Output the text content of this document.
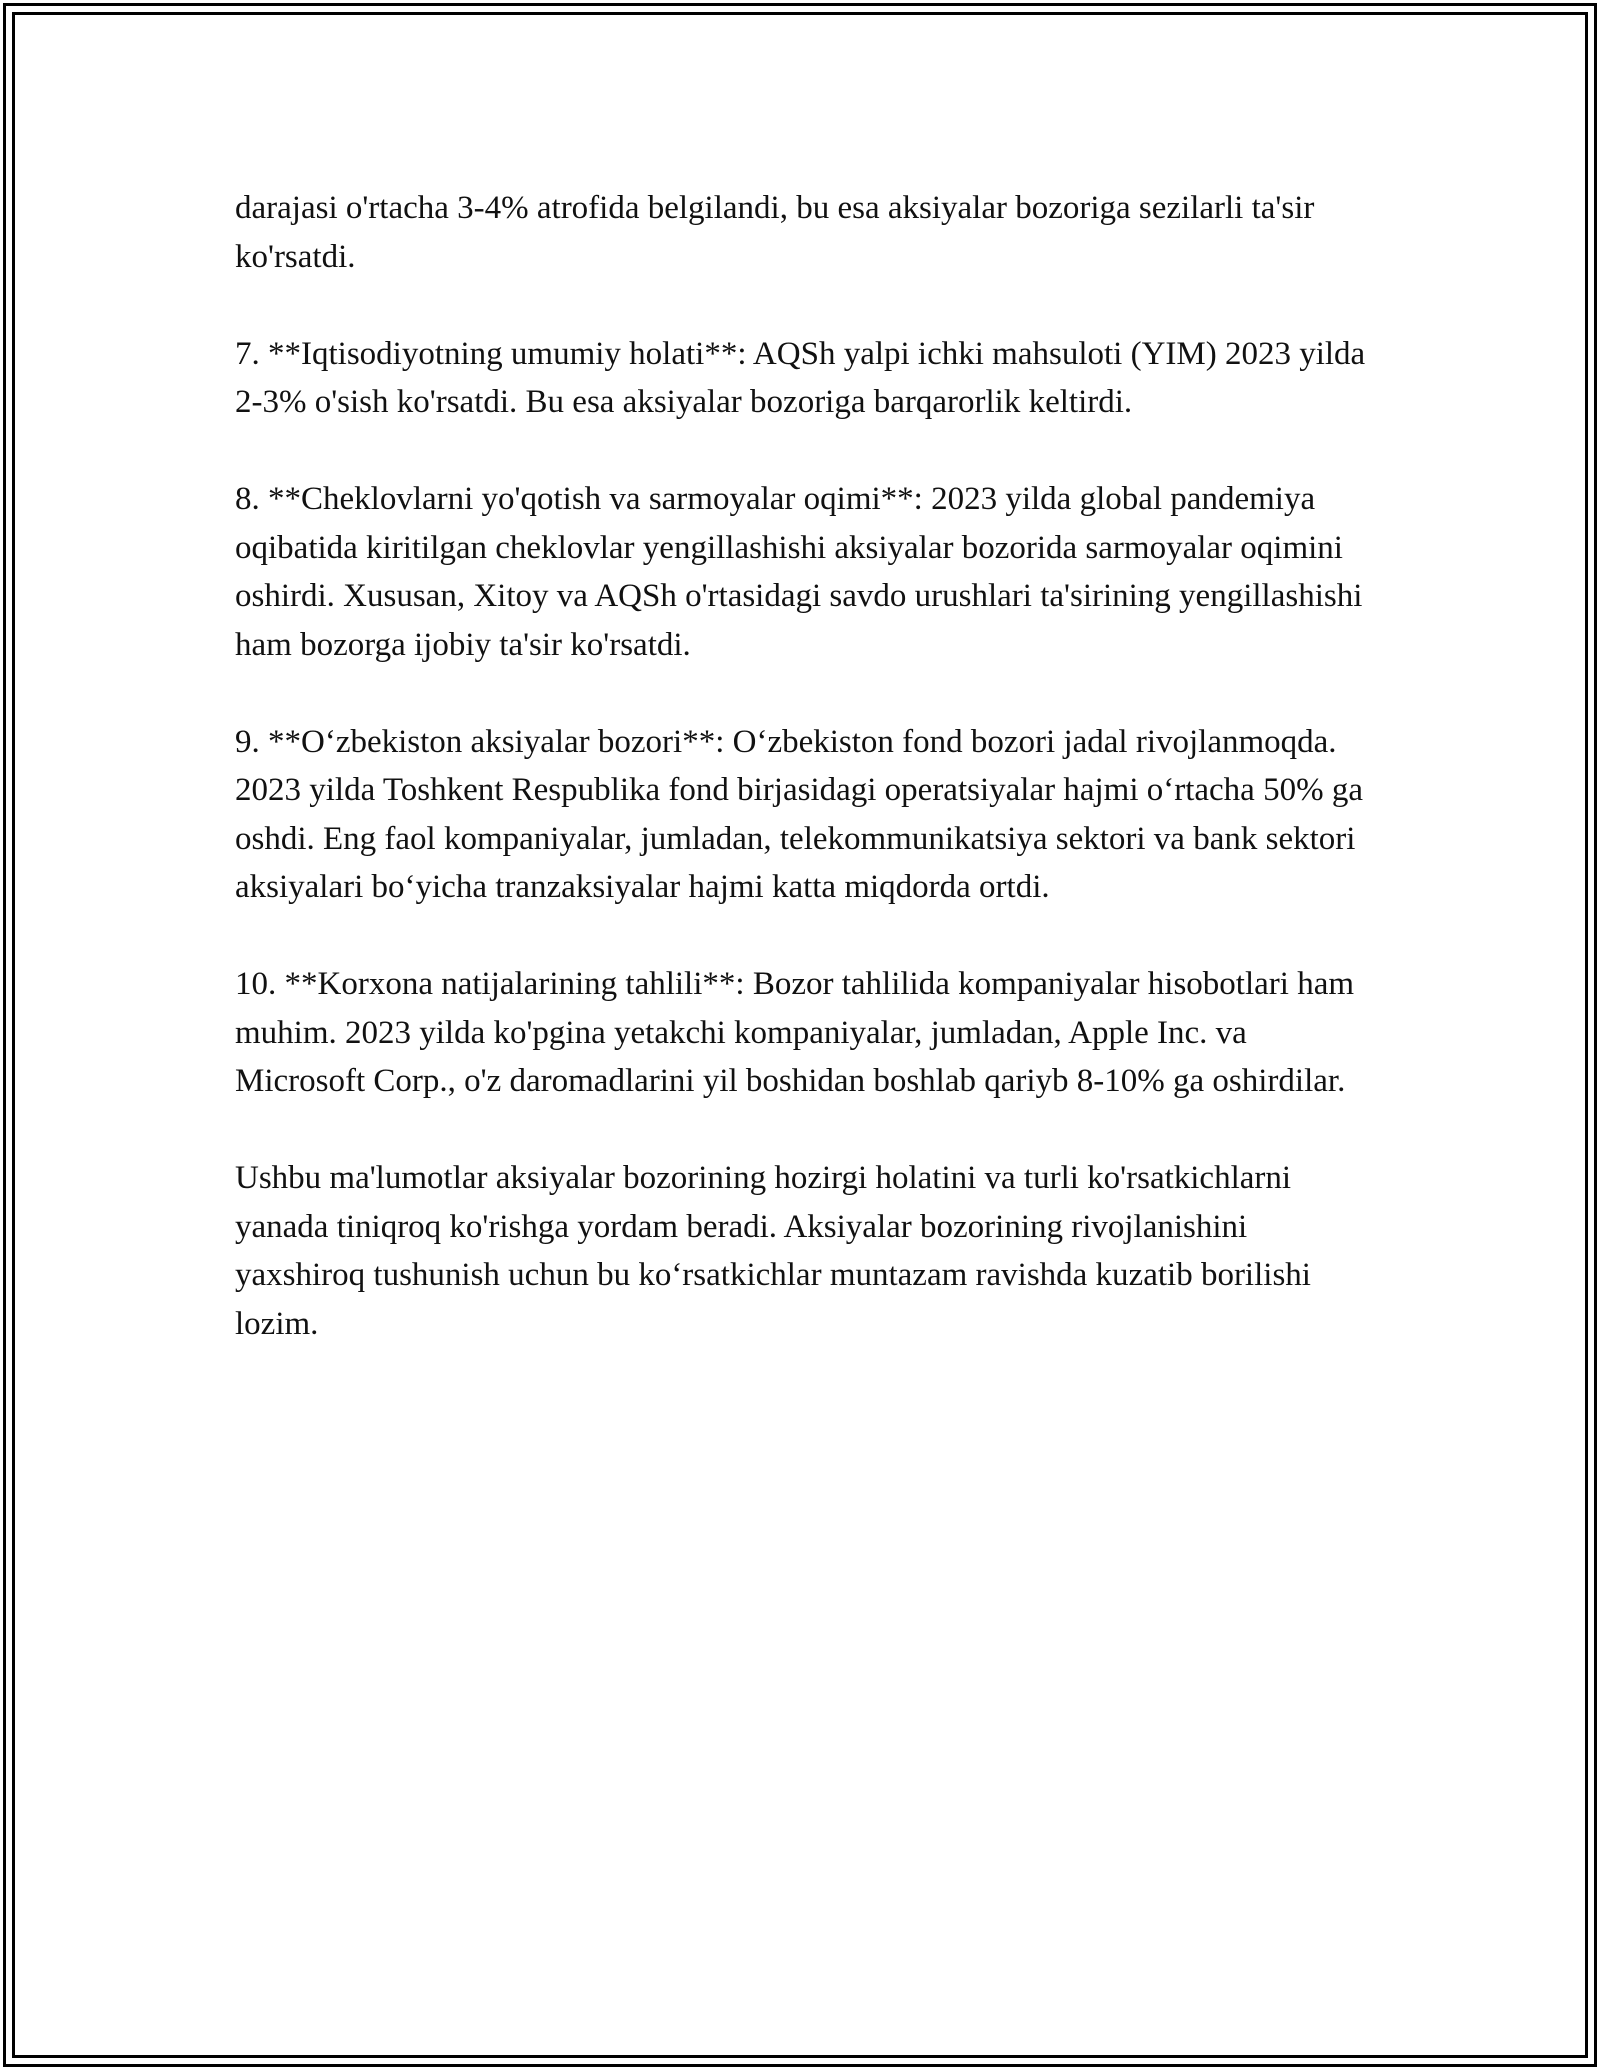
darajasi o'rtacha 3-4% atrofida belgilandi, bu esa aksiyalar bozoriga sezilarli ta'sir ko'rsatdi.

7. **Iqtisodiyotning umumiy holati**: AQSh yalpi ichki mahsuloti (YIM) 2023 yilda 2-3% o'sish ko'rsatdi. Bu esa aksiyalar bozoriga barqarorlik keltirdi.

8. **Cheklovlarni yo'qotish va sarmoyalar oqimi**: 2023 yilda global pandemiya oqibatida kiritilgan cheklovlar yengillashishi aksiyalar bozorida sarmoyalar oqimini oshirdi. Xususan, Xitoy va AQSh o'rtasidagi savdo urushlari ta'sirining yengillashishi ham bozorga ijobiy ta'sir ko'rsatdi.

9. **O‘zbekiston aksiyalar bozori**: O‘zbekiston fond bozori jadal rivojlanmoqda. 2023 yilda Toshkent Respublika fond birjasidagi operatsiyalar hajmi o‘rtacha 50% ga oshdi. Eng faol kompaniyalar, jumladan, telekommunikatsiya sektori va bank sektori aksiyalari bo‘yicha tranzaksiyalar hajmi katta miqdorda ortdi.

10. **Korxona natijalarining tahlili**: Bozor tahlilida kompaniyalar hisobotlari ham muhim. 2023 yilda ko'pgina yetakchi kompaniyalar, jumladan, Apple Inc. va Microsoft Corp., o'z daromadlarini yil boshidan boshlab qariyb 8-10% ga oshirdilar.

Ushbu ma'lumotlar aksiyalar bozorining hozirgi holatini va turli ko'rsatkichlarni yanada tiniqroq ko'rishga yordam beradi. Aksiyalar bozorining rivojlanishini yaxshiroq tushunish uchun bu ko‘rsatkichlar muntazam ravishda kuzatib borilishi lozim.
